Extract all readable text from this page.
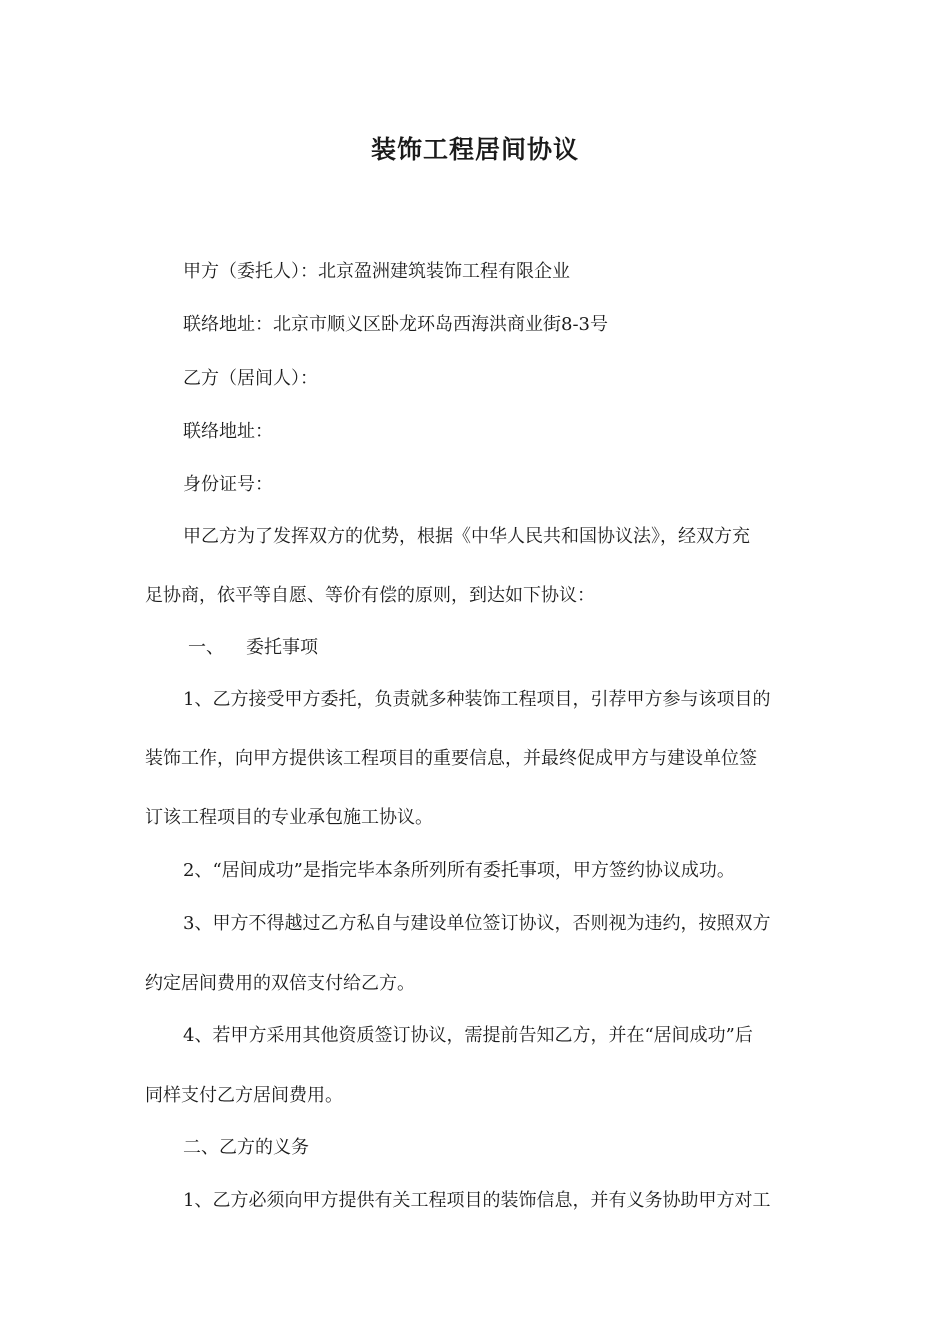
装饰工程居间协议
甲方（委托人）：北京盈洲建筑装饰工程有限企业
联络地址：北京市顺义区卧龙环岛西海洪商业街8-3号
乙方（居间人）：
联络地址：
身份证号：
甲乙方为了发挥双方的优势，根据《中华人民共和国协议法》，经双方充
足协商，依平等自愿、等价有偿的原则，到达如下协议：
一、 委托事项
1、乙方接受甲方委托，负责就多种装饰工程项目，引荐甲方参与该项目的
装饰工作，向甲方提供该工程项目的重要信息，并最终促成甲方与建设单位签
订该工程项目的专业承包施工协议。
2、“居间成功”是指完毕本条所列所有委托事项，甲方签约协议成功。
3、甲方不得越过乙方私自与建设单位签订协议，否则视为违约，按照双方
约定居间费用的双倍支付给乙方。
4、若甲方采用其他资质签订协议，需提前告知乙方，并在“居间成功”后
同样支付乙方居间费用。
二、乙方的义务
1、乙方必须向甲方提供有关工程项目的装饰信息，并有义务协助甲方对工
